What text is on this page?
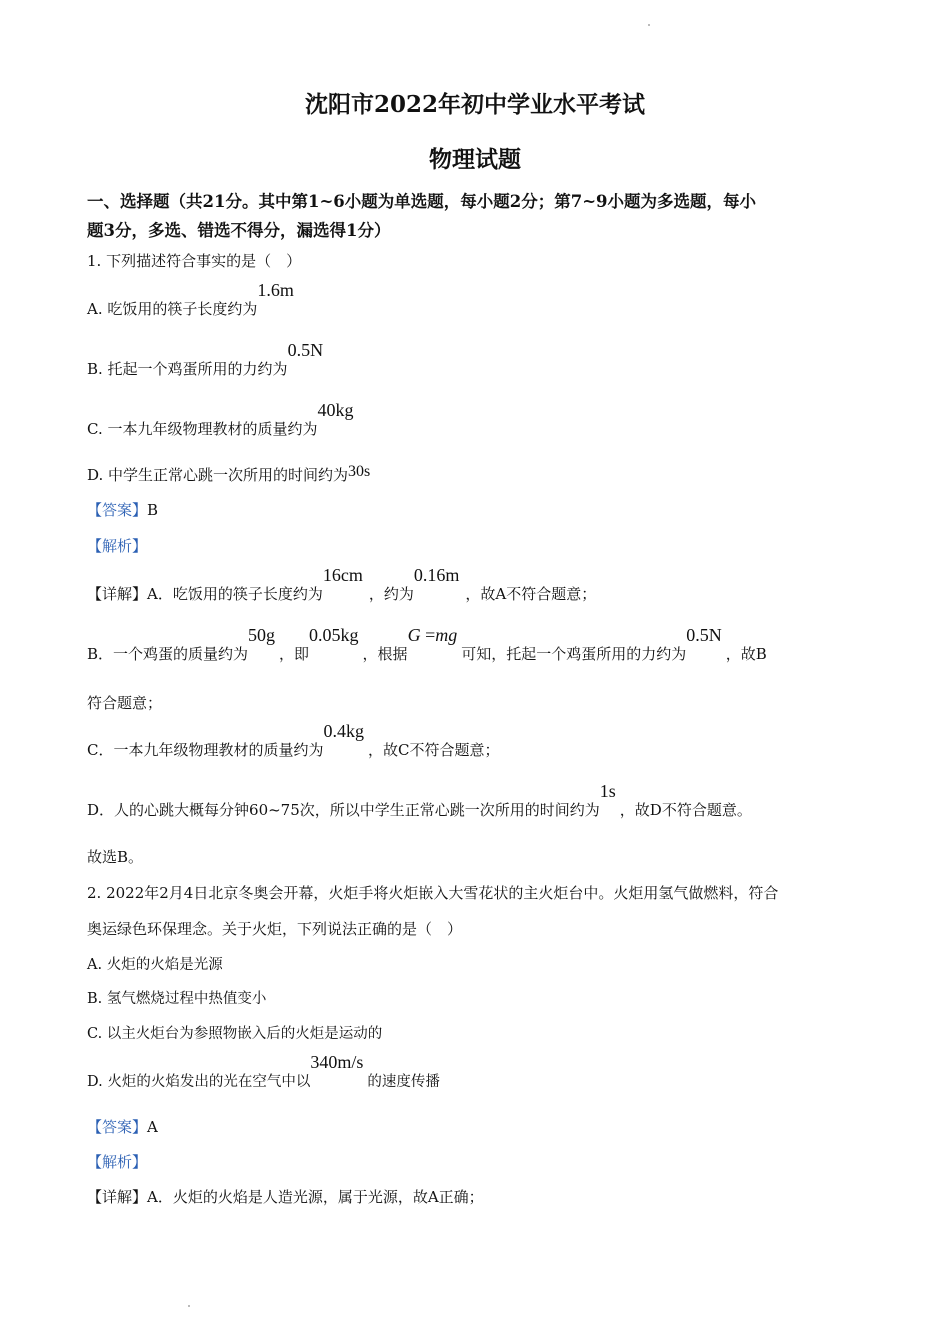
沈阳市2022年初中学业水平考试
物理试题
一、选择题（共21分。其中第1~6小题为单选题，每小题2分；第7~9小题为多选题，每小
题3分，多选、错选不得分，漏选得1分）
1. 下列描述符合事实的是（　）
A. 吃饭用的筷子长度约为1.6m
B. 托起一个鸡蛋所用的力约为0.5N
C. 一本九年级物理教材的质量约为40kg
D. 中学生正常心跳一次所用的时间约为30s
【答案】B
【解析】
【详解】A．吃饭用的筷子长度约为16cm，约为0.16m，故A不符合题意；
B．一个鸡蛋的质量约为50g，即0.05kg，根据G =mg可知，托起一个鸡蛋所用的力约为0.5N，故B
符合题意；
C．一本九年级物理教材的质量约为0.4kg，故C不符合题意；
D．人的心跳大概每分钟60~75次，所以中学生正常心跳一次所用的时间约为1s，故D不符合题意。
故选B。
2. 2022年2月4日北京冬奥会开幕，火炬手将火炬嵌入大雪花状的主火炬台中。火炬用氢气做燃料，符合
奥运绿色环保理念。关于火炬，下列说法正确的是（　）
A. 火炬的火焰是光源
B. 氢气燃烧过程中热值变小
C. 以主火炬台为参照物嵌入后的火炬是运动的
D. 火炬的火焰发出的光在空气中以340m/s的速度传播
【答案】A
【解析】
【详解】A．火炬的火焰是人造光源，属于光源，故A正确；
